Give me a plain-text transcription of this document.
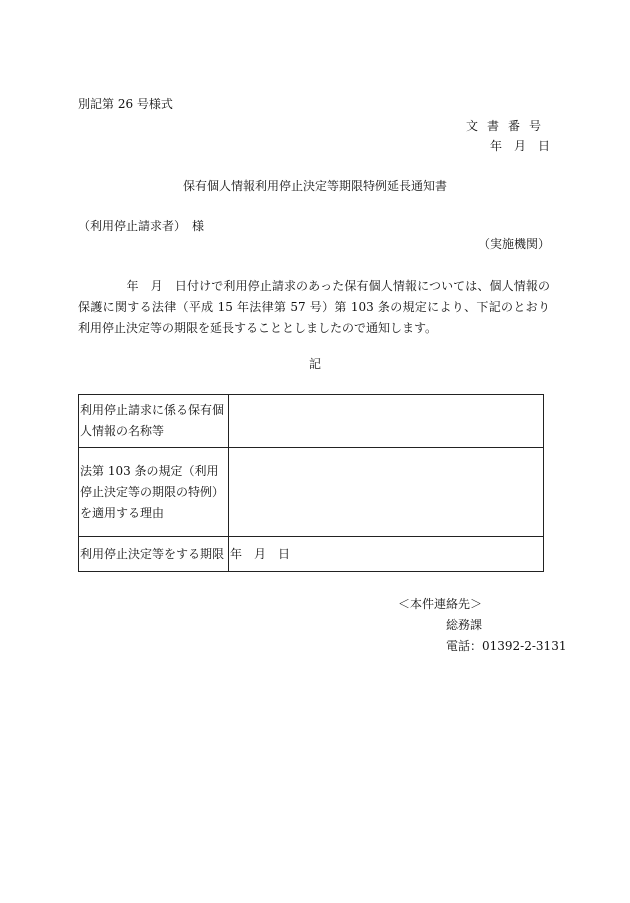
別記第 26 号様式
文書番号
年　月　日
保有個人情報利用停止決定等期限特例延長通知書
（利用停止請求者）　様
（実施機関）
　　　　年　月　日付けで利用停止請求のあった保有個人情報については、個人情報の保護に関する法律（平成 15 年法律第 57 号）第 103 条の規定により、下記のとおり利用停止決定等の期限を延長することとしましたので通知します。
記
利用停止請求に係る保有個人情報の名称等	
法第 103 条の規定（利用停止決定等の期限の特例）を適用する理由	
利用停止決定等をする期限	年　月　日
＜本件連絡先＞
総務課
電話：01392-2-3131
